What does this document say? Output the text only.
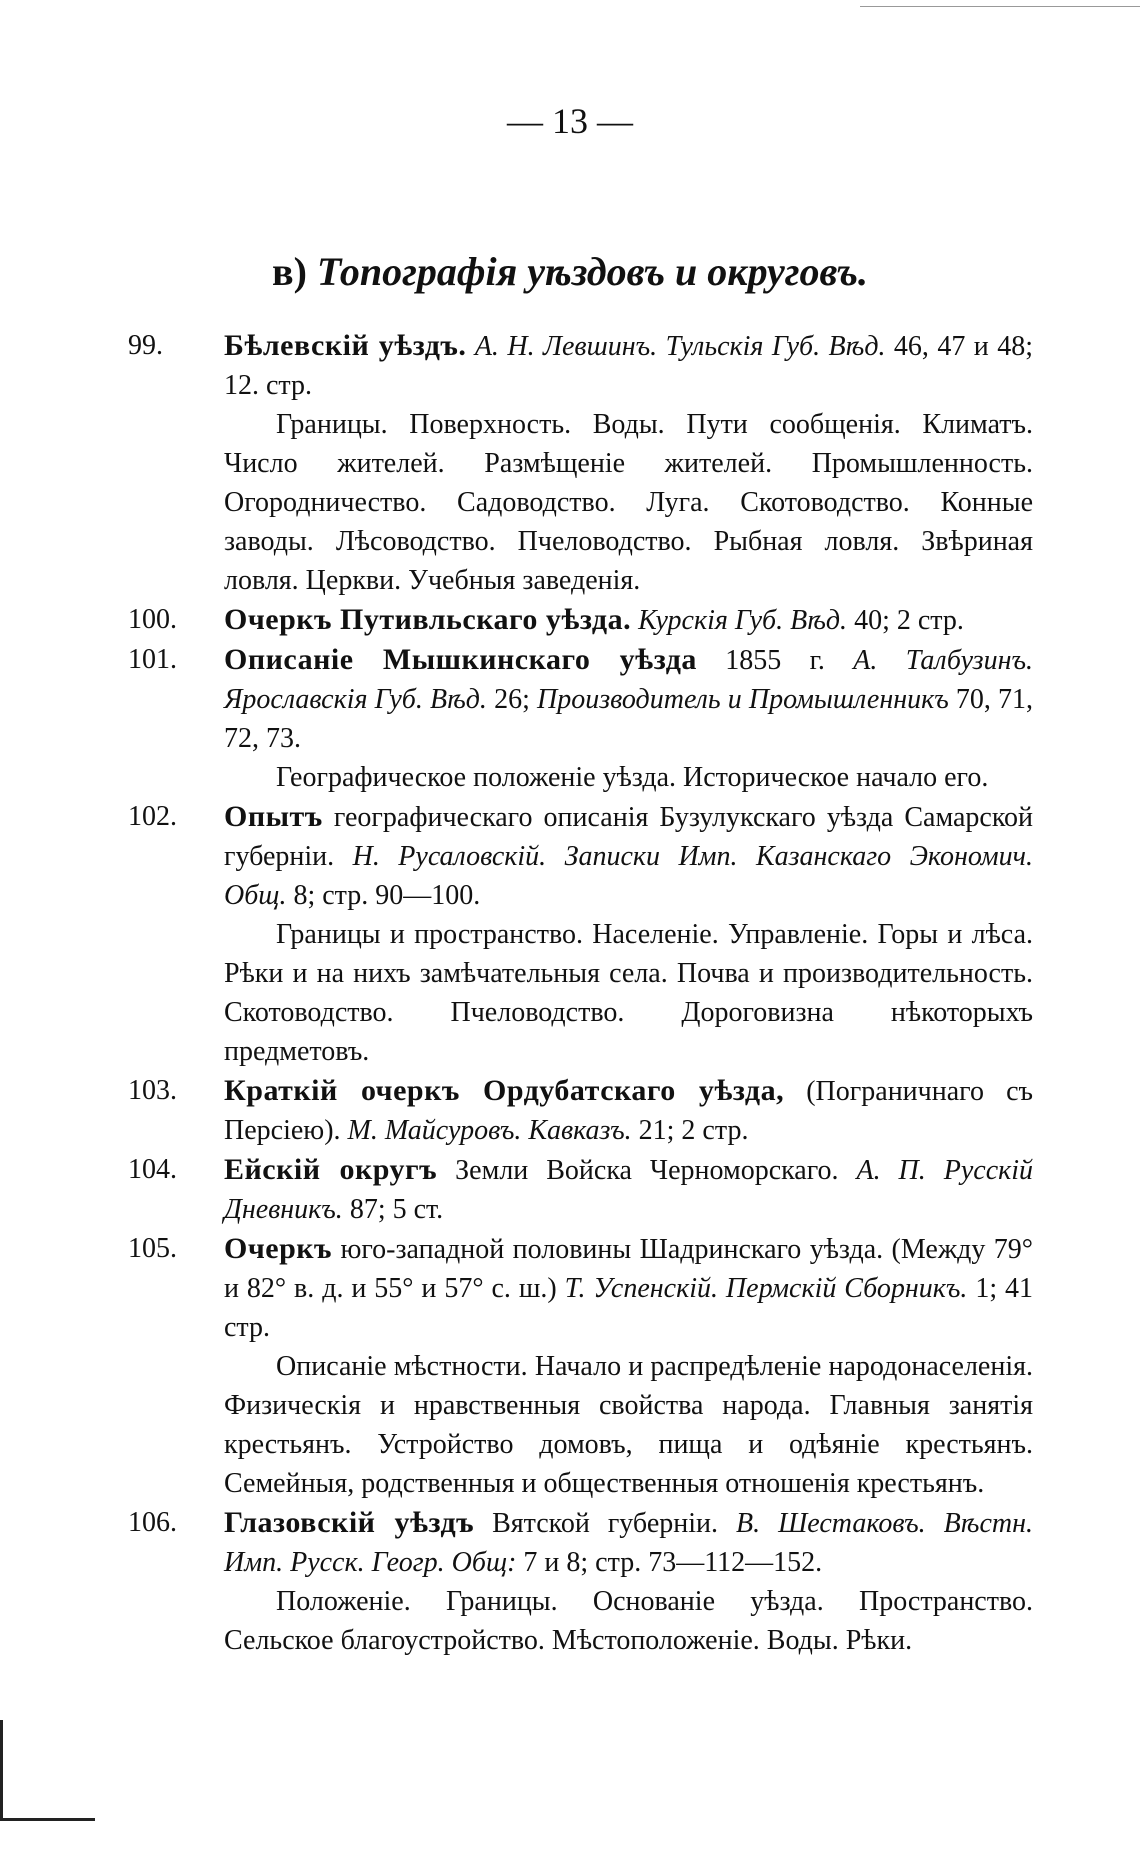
— 13 —
в) Топографія уѣздовъ и округовъ.
99. Бѣлевскій уѣздъ. А. Н. Левшинъ. Тульскія Губ. Вѣд. 46, 47 и 48; 12. стр.
Границы. Поверхность. Воды. Пути сообщенія. Климатъ. Число жителей. Размѣщеніе жителей. Промышленность. Огородничество. Садоводство. Луга. Скотоводство. Конные заводы. Лѣсоводство. Пчеловодство. Рыбная ловля. Звѣриная ловля. Церкви. Учебныя заведенія.
100. Очеркъ Путивльскаго уѣзда. Курскія Губ. Вѣд. 40; 2 стр.
101. Описаніе Мышкинскаго уѣзда 1855 г. А. Талбузинъ. Ярославскія Губ. Вѣд. 26; Производитель и Промышленникъ 70, 71, 72, 73.
Географическое положеніе уѣзда. Историческое начало его.
102. Опытъ географическаго описанія Бузулукскаго уѣзда Самарской губерніи. Н. Русаловскій. Записки Имп. Казанскаго Экономич. Общ. 8; стр. 90—100.
Границы и пространство. Населеніе. Управленіе. Горы и лѣса. Рѣки и на нихъ замѣчательныя села. Почва и производительность. Скотоводство. Пчеловодство. Дороговизна нѣкоторыхъ предметовъ.
103. Краткій очеркъ Ордубатскаго уѣзда, (Пограничнаго съ Персіею). М. Майсуровъ. Кавказъ. 21; 2 стр.
104. Ейскій округъ Земли Войска Черноморскаго. А. П. Русскій Дневникъ. 87; 5 ст.
105. Очеркъ юго-западной половины Шадринскаго уѣзда. (Между 79° и 82° в. д. и 55° и 57° с. ш.) Т. Успенскій. Пермскій Сборникъ. 1; 41 стр.
Описаніе мѣстности. Начало и распредѣленіе народонаселенія. Физическія и нравственныя свойства народа. Главныя занятія крестьянъ. Устройство домовъ, пища и одѣяніе крестьянъ. Семейныя, родственныя и общественныя отношенія крестьянъ.
106. Глазовскій уѣздъ Вятской губерніи. В. Шестаковъ. Вѣстн. Имп. Русск. Геогр. Общ: 7 и 8; стр. 73—112—152.
Положеніе. Границы. Основаніе уѣзда. Пространство. Сельское благоустройство. Мѣстоположеніе. Воды. Рѣки.
